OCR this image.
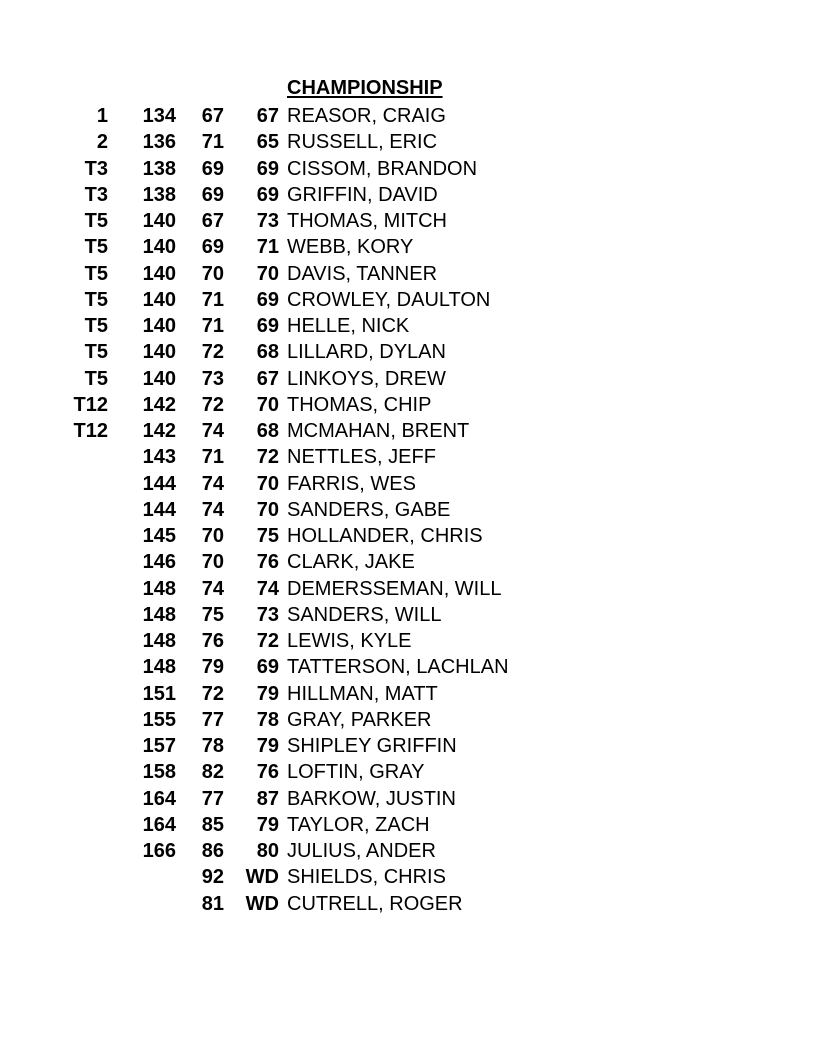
CHAMPIONSHIP
1 134 67 67 REASOR, CRAIG
2 136 71 65 RUSSELL, ERIC
T3 138 69 69 CISSOM, BRANDON
T3 138 69 69 GRIFFIN, DAVID
T5 140 67 73 THOMAS, MITCH
T5 140 69 71 WEBB, KORY
T5 140 70 70 DAVIS, TANNER
T5 140 71 69 CROWLEY, DAULTON
T5 140 71 69 HELLE, NICK
T5 140 72 68 LILLARD, DYLAN
T5 140 73 67 LINKOYS, DREW
T12 142 72 70 THOMAS, CHIP
T12 142 74 68 MCMAHAN, BRENT
143 71 72 NETTLES, JEFF
144 74 70 FARRIS, WES
144 74 70 SANDERS, GABE
145 70 75 HOLLANDER, CHRIS
146 70 76 CLARK, JAKE
148 74 74 DEMERSSEMAN, WILL
148 75 73 SANDERS, WILL
148 76 72 LEWIS, KYLE
148 79 69 TATTERSON, LACHLAN
151 72 79 HILLMAN, MATT
155 77 78 GRAY, PARKER
157 78 79 SHIPLEY GRIFFIN
158 82 76 LOFTIN, GRAY
164 77 87 BARKOW, JUSTIN
164 85 79 TAYLOR, ZACH
166 86 80 JULIUS, ANDER
92 WD SHIELDS, CHRIS
81 WD CUTRELL, ROGER
